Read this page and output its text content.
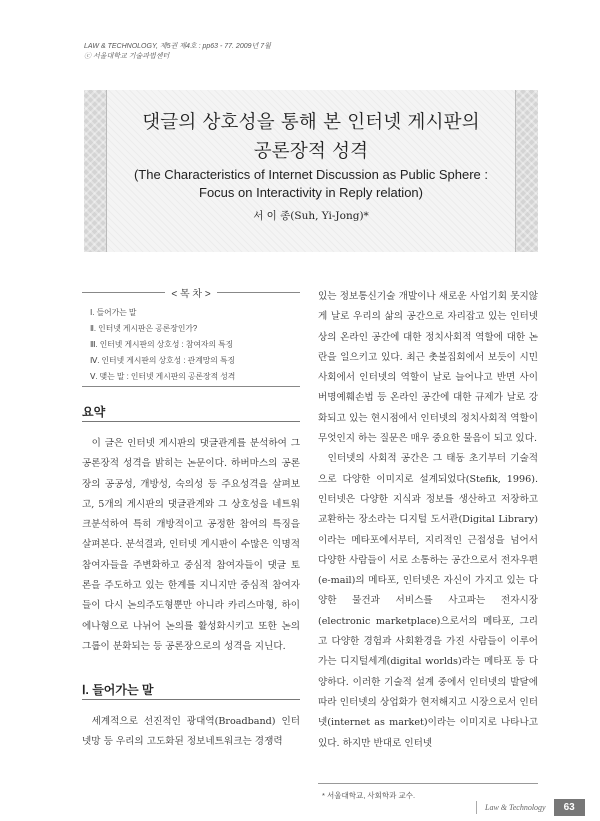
LAW & TECHNOLOGY, 제5권 제4호 : pp63 - 77. 2009년 7월
ⓒ 서울대학교 기술과법센터
댓글의 상호성을 통해 본 인터넷 게시판의
공론장적 성격
(The Characteristics of Internet Discussion as Public Sphere :
Focus on Interactivity in Reply relation)
서 이 종(Suh, Yi-Jong)*
< 목 차 >
Ⅰ. 들어가는 말
Ⅱ. 인터넷 게시판은 공론장인가?
Ⅲ. 인터넷 게시판의 상호성 : 참여자의 특징
Ⅳ. 인터넷 게시판의 상호성 : 관계망의 특징
Ⅴ. 맺는 말 : 인터넷 게시판의 공론장적 성격
요약

이 글은 인터넷 게시판의 댓글관계를 분석하여 그 공론장적 성격을 밝히는 논문이다. 하버마스의 공론장의 공공성, 개방성, 숙의성 등 주요성격을 살펴보고, 5개의 게시판의 댓글관계와 그 상호성을 네트워크분석하여 특히 개방적이고 공정한 참여의 특징을 살펴본다. 분석결과, 인터넷 게시판이 수많은 익명적 참여자들을 주변화하고 중심적 참여자들이 댓글 토론을 주도하고 있는 한계를 지니지만 중심적 참여자들이 다시 논의주도형뿐만 아니라 카리스마형, 하이에나형으로 나뉘어 논의를 활성화시키고 또한 논의그룹이 분화되는 등 공론장으로의 성격을 지닌다.

Ⅰ. 들어가는 말

세계적으로 선진적인 광대역(Broadband) 인터넷망 등 우리의 고도화된 정보네트워크는 경쟁력

있는 정보통신기술 개발이나 새로운 사업기회 못지않게 날로 우리의 삶의 공간으로 자리잡고 있는 인터넷상의 온라인 공간에 대한 정치사회적 역할에 대한 논란을 일으키고 있다. 최근 촛불집회에서 보듯이 시민사회에서 인터넷의 역할이 날로 늘어나고 반면 사이버명예훼손법 등 온라인 공간에 대한 규제가 날로 강화되고 있는 현시점에서 인터넷의 정치사회적 역할이 무엇인지 하는 질문은 매우 중요한 물음이 되고 있다.

인터넷의 사회적 공간은 그 태동 초기부터 기술적으로 다양한 이미지로 설계되었다(Stefik, 1996). 인터넷은 다양한 지식과 정보를 생산하고 저장하고 교환하는 장소라는 디지털 도서관(Digital Library)이라는 메타포에서부터, 지리적인 근접성을 넘어서 다양한 사람들이 서로 소통하는 공간으로서 전자우편(e-mail)의 메타포, 인터넷은 자신이 가지고 있는 다양한 물건과 서비스를 사고파는 전자시장(electronic marketplace)으로서의 메타포, 그리고 다양한 경험과 사회환경을 가진 사람들이 이루어가는 디지털세계(digital worlds)라는 메타포 등 다양하다. 이러한 기술적 설계 중에서 인터넷의 발달에 따라 인터넷의 상업화가 현저해지고 시장으로서 인터넷(internet as market)이라는 이미지로 나타나고 있다. 하지만 반대로 인터넷

* 서울대학교, 사회학과 교수.
Law & Technology	63
